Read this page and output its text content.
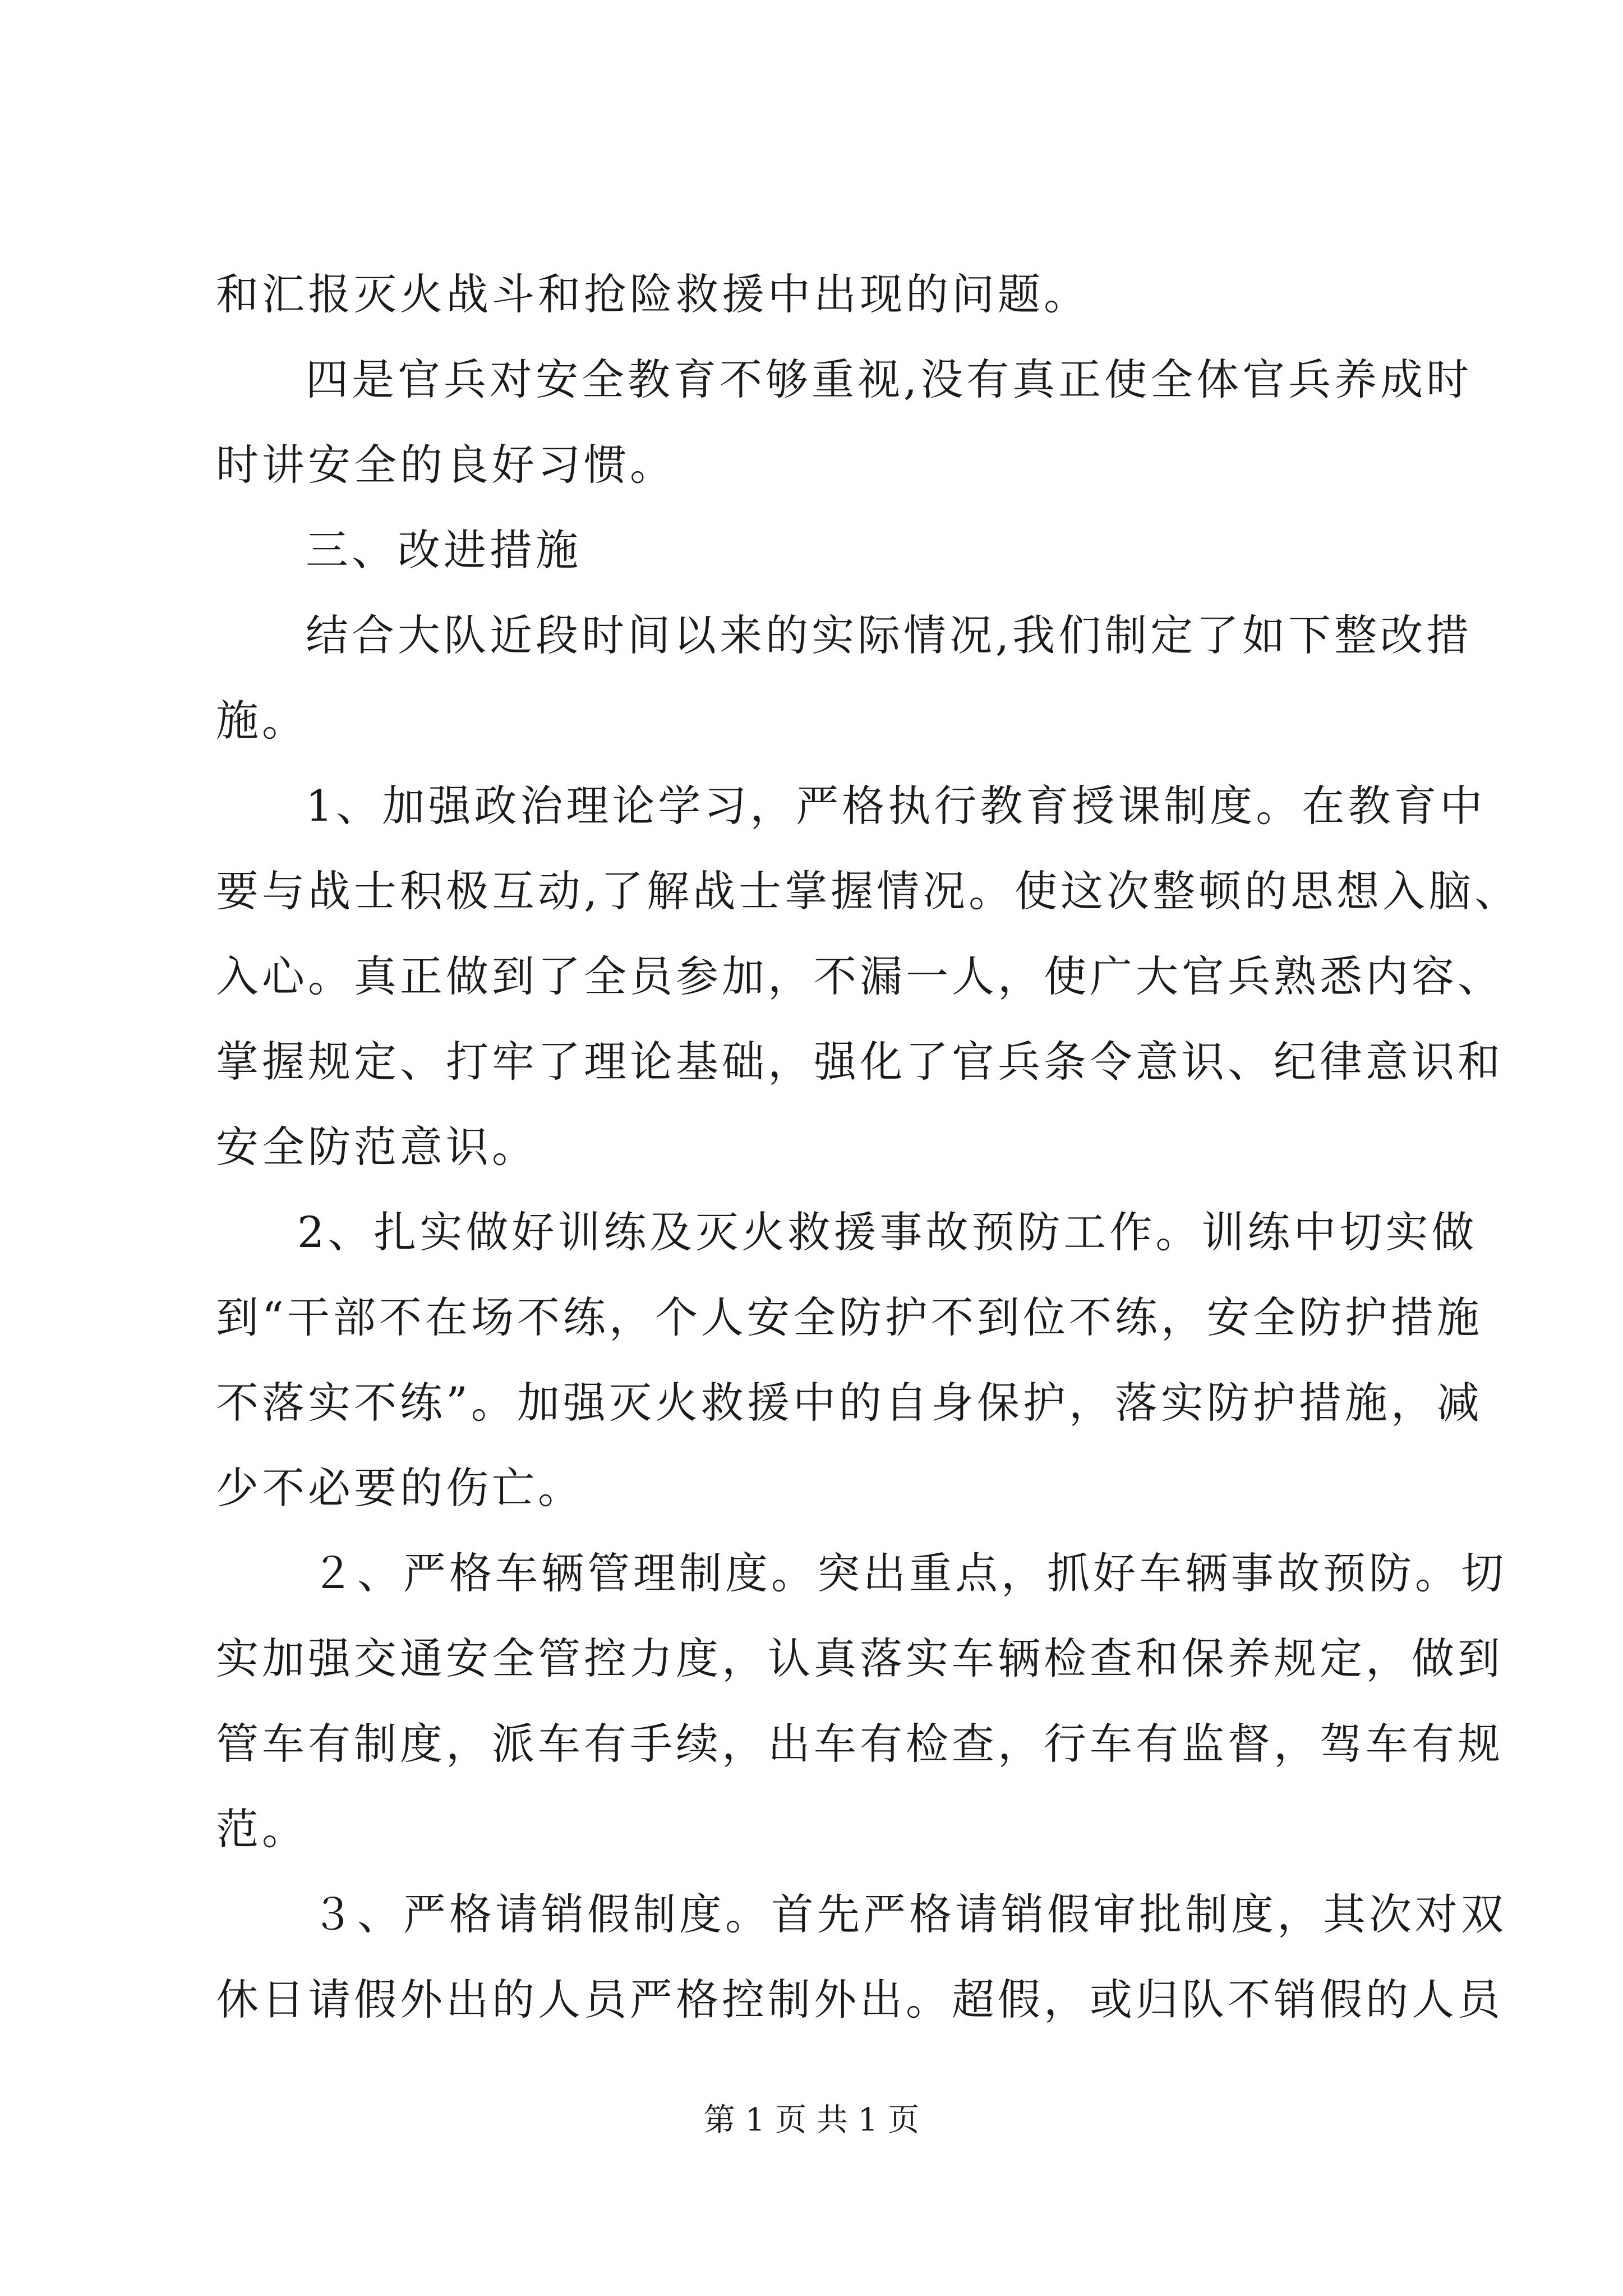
和汇报灭火战斗和抢险救援中出现的问题。
四是官兵对安全教育不够重视,没有真正使全体官兵养成时
时讲安全的良好习惯。
三、改进措施
结合大队近段时间以来的实际情况,我们制定了如下整改措
施。
1、加强政治理论学习，严格执行教育授课制度。在教育中
要与战士积极互动,了解战士掌握情况。使这次整顿的思想入脑、
入心。真正做到了全员参加，不漏一人，使广大官兵熟悉内容、
掌握规定、打牢了理论基础，强化了官兵条令意识、纪律意识和
安全防范意识。
2、扎实做好训练及灭火救援事故预防工作。训练中切实做
到“干部不在场不练，个人安全防护不到位不练，安全防护措施
不落实不练”。加强灭火救援中的自身保护，落实防护措施，减
少不必要的伤亡。
２、严格车辆管理制度。突出重点，抓好车辆事故预防。切
实加强交通安全管控力度，认真落实车辆检查和保养规定，做到
管车有制度，派车有手续，出车有检查，行车有监督，驾车有规
范。
３、严格请销假制度。首先严格请销假审批制度，其次对双
休日请假外出的人员严格控制外出。超假，或归队不销假的人员
第 1 页 共 1 页
